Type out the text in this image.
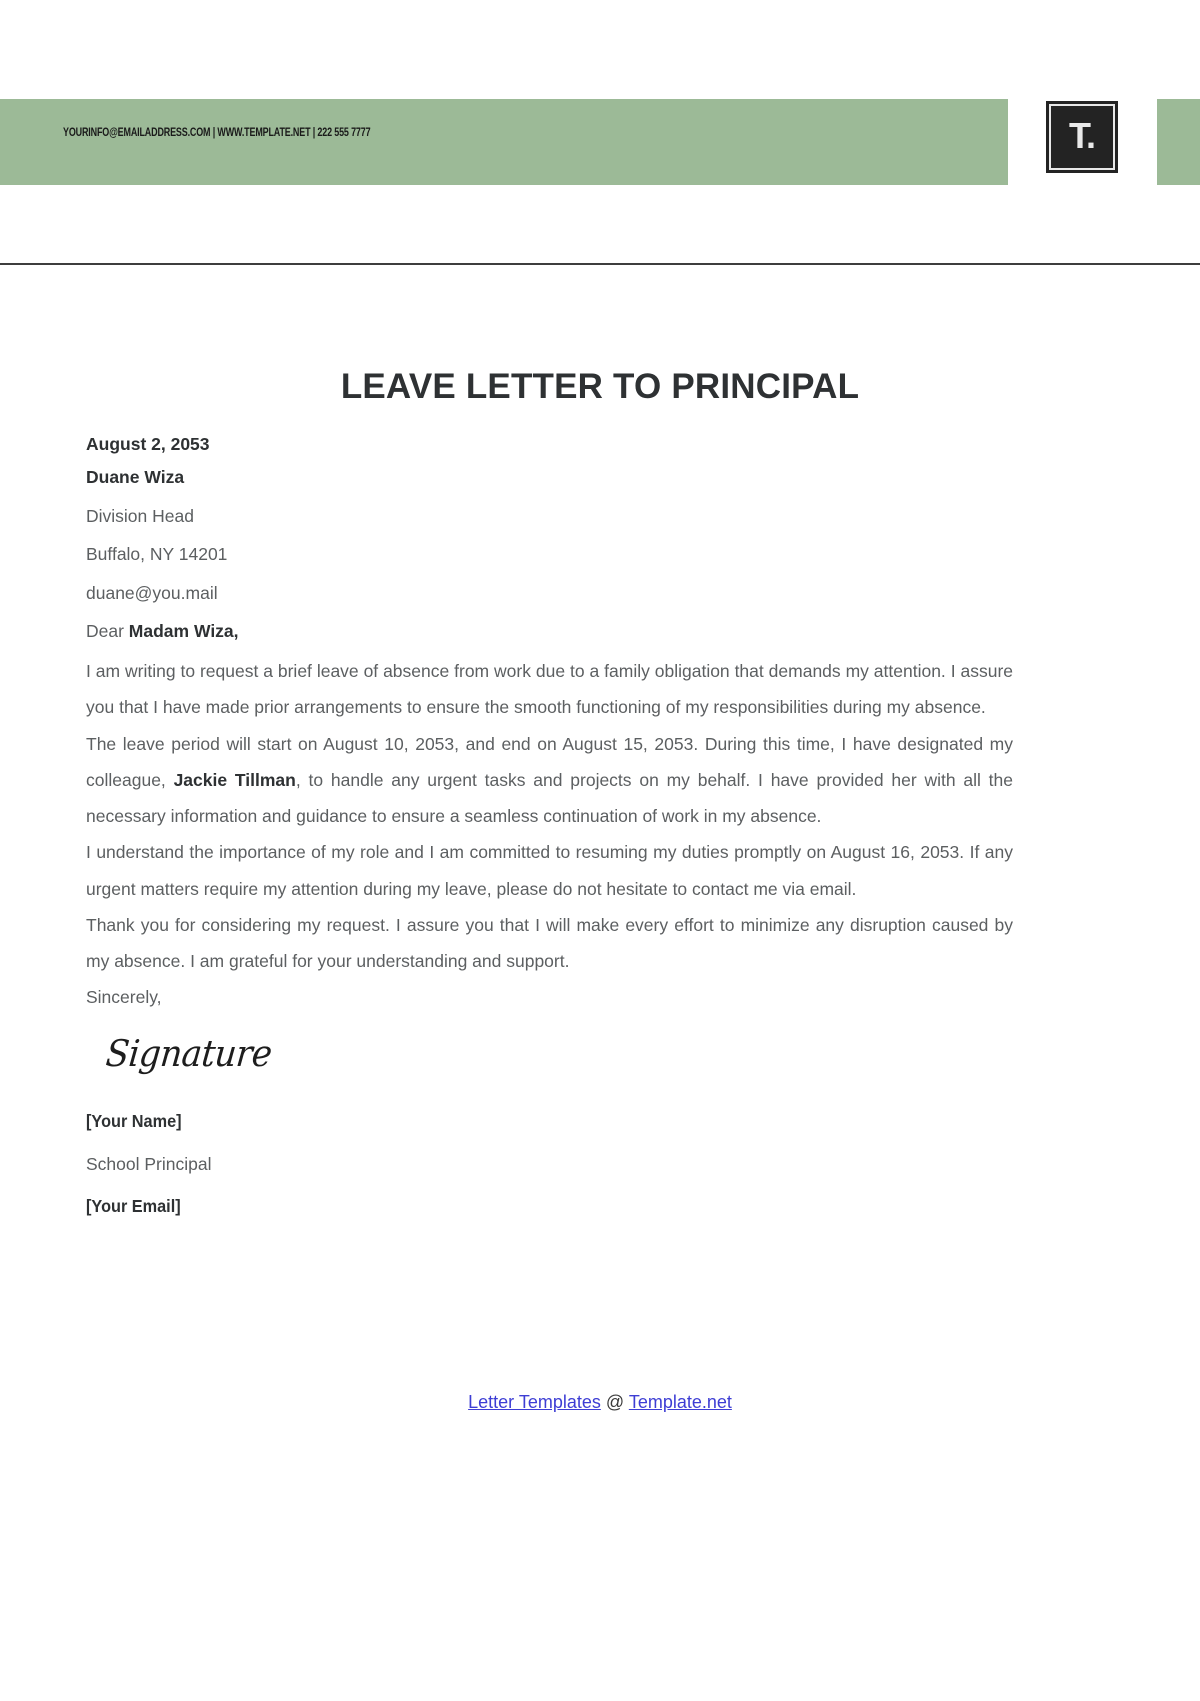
YOURINFO@EMAILADDRESS.COM | WWW.TEMPLATE.NET | 222 555 7777	T.
LEAVE LETTER TO PRINCIPAL
August 2, 2053
Duane Wiza
Division Head
Buffalo, NY 14201
duane@you.mail
Dear Madam Wiza,

I am writing to request a brief leave of absence from work due to a family obligation that demands my attention. I assure you that I have made prior arrangements to ensure the smooth functioning of my responsibilities during my absence.

The leave period will start on August 10, 2053, and end on August 15, 2053. During this time, I have designated my colleague, Jackie Tillman, to handle any urgent tasks and projects on my behalf. I have provided her with all the necessary information and guidance to ensure a seamless continuation of work in my absence.

I understand the importance of my role and I am committed to resuming my duties promptly on August 16, 2053. If any urgent matters require my attention during my leave, please do not hesitate to contact me via email.

Thank you for considering my request. I assure you that I will make every effort to minimize any disruption caused by my absence. I am grateful for your understanding and support.

Sincerely,
Signature
[Your Name]
School Principal
[Your Email]
Letter Templates @ Template.net
